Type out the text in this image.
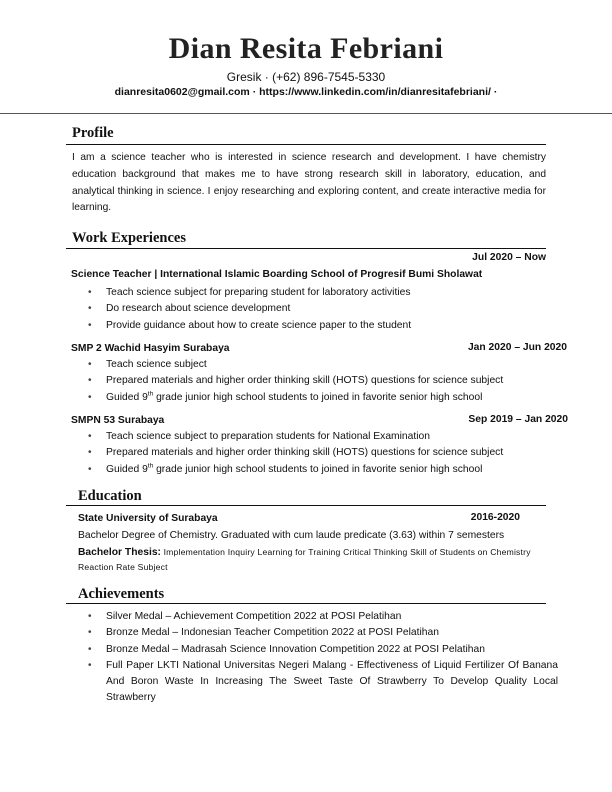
Dian Resita Febriani
Gresik · (+62) 896-7545-5330
dianresita0602@gmail.com · https://www.linkedin.com/in/dianresitafebriani/ ·
Profile
I am a science teacher who is interested in science research and development. I have chemistry education background that makes me to have strong research skill in laboratory, education, and analytical thinking in science. I enjoy researching and exploring content, and create interactive media for learning.
Work Experiences
Jul 2020 – Now
Science Teacher | International Islamic Boarding School of Progresif Bumi Sholawat
• Teach science subject for preparing student for laboratory activities
• Do research about science development
• Provide guidance about how to create science paper to the student
SMP 2 Wachid Hasyim Surabaya	Jan 2020 – Jun 2020
• Teach science subject
• Prepared materials and higher order thinking skill (HOTS) questions for science subject
• Guided 9th grade junior high school students to joined in favorite senior high school
SMPN 53 Surabaya	Sep 2019 – Jan 2020
• Teach science subject to preparation students for National Examination
• Prepared materials and higher order thinking skill (HOTS) questions for science subject
• Guided 9th grade junior high school students to joined in favorite senior high school
Education
State University of Surabaya	2016-2020
Bachelor Degree of Chemistry. Graduated with cum laude predicate (3.63) within 7 semesters
Bachelor Thesis: Implementation Inquiry Learning for Training Critical Thinking Skill of Students on Chemistry Reaction Rate Subject
Achievements
• Silver Medal – Achievement Competition 2022 at POSI Pelatihan
• Bronze Medal – Indonesian Teacher Competition 2022 at POSI Pelatihan
• Bronze Medal – Madrasah Science Innovation Competition 2022 at POSI Pelatihan
• Full Paper LKTI National Universitas Negeri Malang - Effectiveness of Liquid Fertilizer Of Banana And Boron Waste In Increasing The Sweet Taste Of Strawberry To Develop Quality Local Strawberry
